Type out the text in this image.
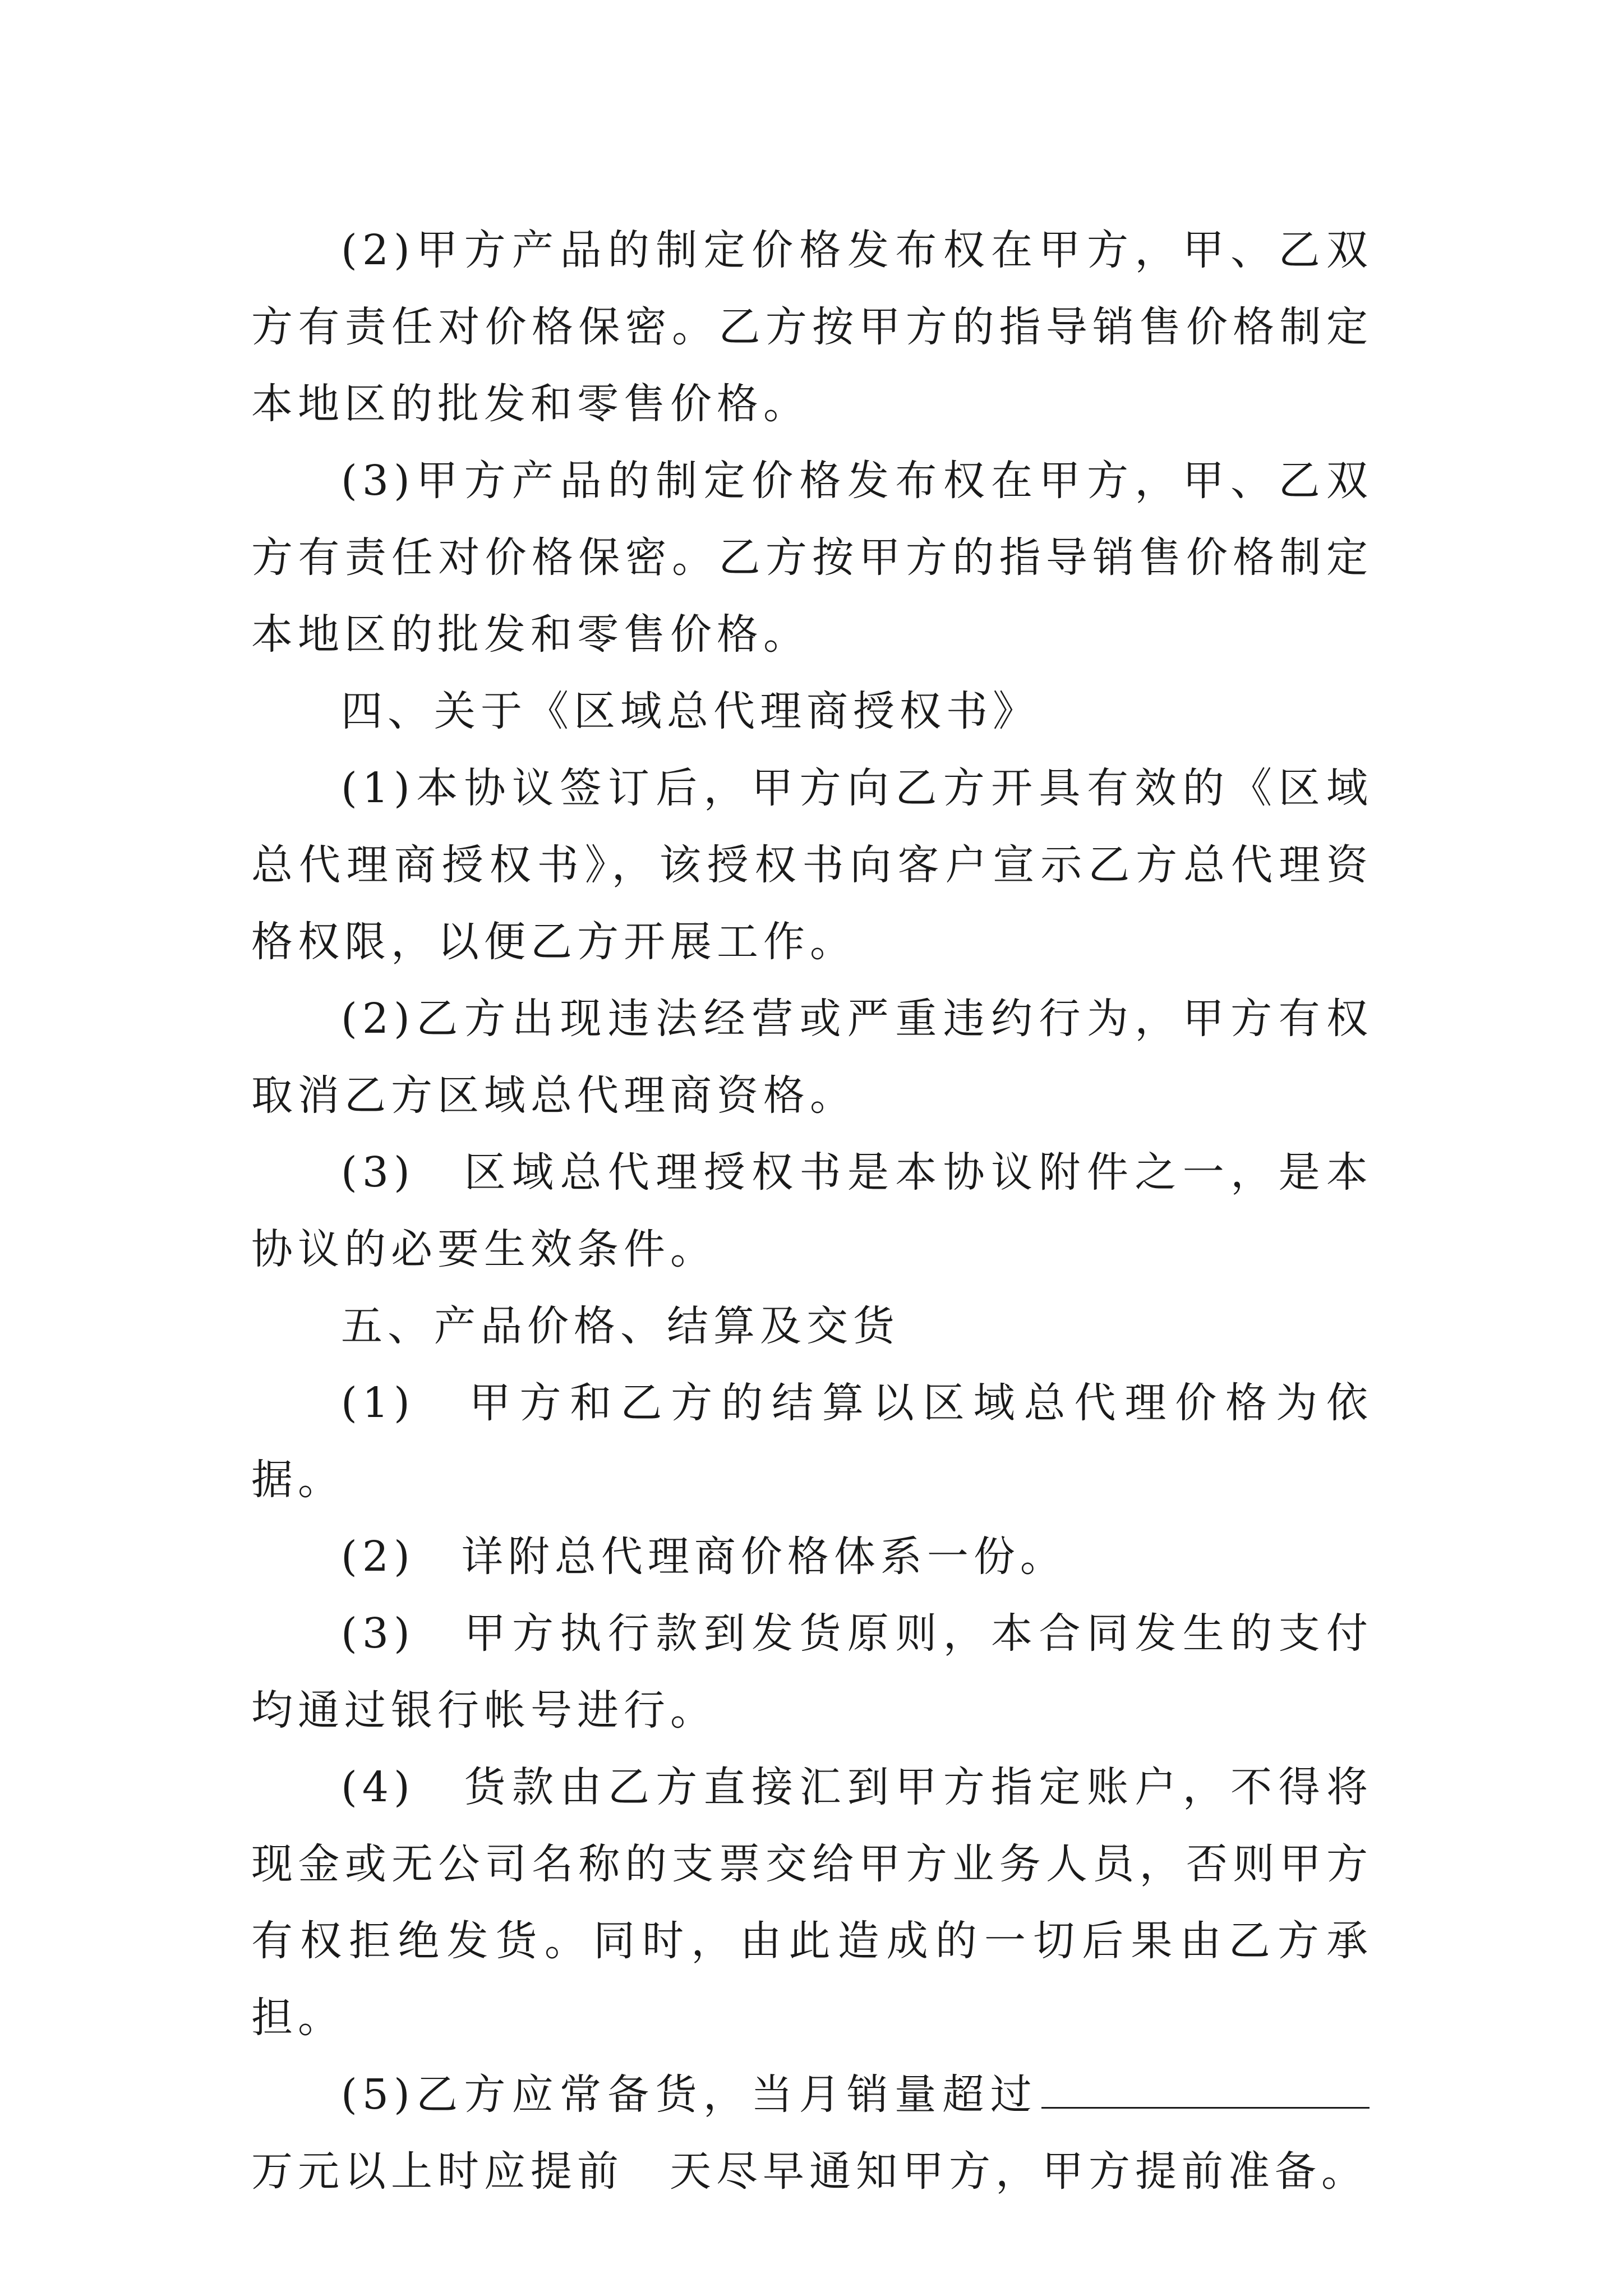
(2)甲方产品的制定价格发布权在甲方，甲、乙双方有责任对价格保密。乙方按甲方的指导销售价格制定本地区的批发和零售价格。

(3)甲方产品的制定价格发布权在甲方，甲、乙双方有责任对价格保密。乙方按甲方的指导销售价格制定本地区的批发和零售价格。

四、关于《区域总代理商授权书》

(1)本协议签订后，甲方向乙方开具有效的《区域总代理商授权书》，该授权书向客户宣示乙方总代理资格权限，以便乙方开展工作。

(2)乙方出现违法经营或严重违约行为，甲方有权取消乙方区域总代理商资格。

(3)　区域总代理授权书是本协议附件之一，是本协议的必要生效条件。

五、产品价格、结算及交货

(1)　甲方和乙方的结算以区域总代理价格为依据。

(2)　详附总代理商价格体系一份。

(3)　甲方执行款到发货原则，本合同发生的支付均通过银行帐号进行。

(4)　货款由乙方直接汇到甲方指定账户，不得将现金或无公司名称的支票交给甲方业务人员，否则甲方有权拒绝发货。同时，由此造成的一切后果由乙方承担。

(5)乙方应常备货，当月销量超过万元以上时应提前 天尽早通知甲方，甲方提前准备。
